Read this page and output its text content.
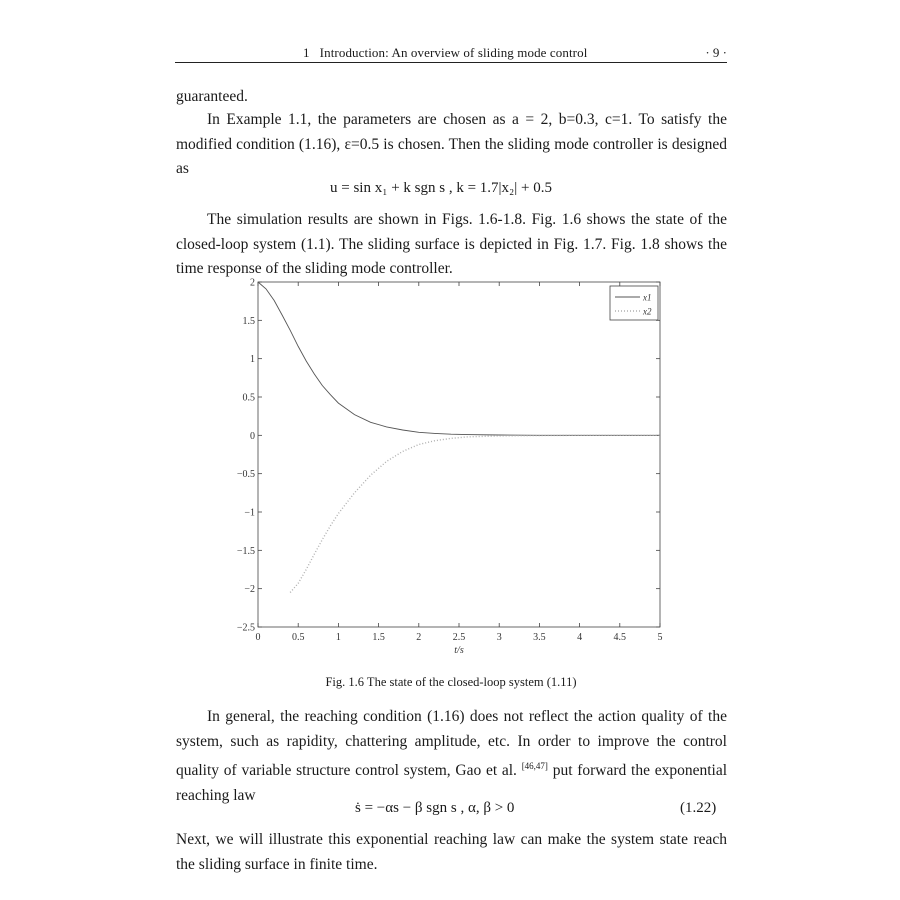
1 Introduction: An overview of sliding mode control	· 9 ·
guaranteed.
In Example 1.1, the parameters are chosen as a = 2, b=0.3, c=1. To satisfy the modified condition (1.16), ε=0.5 is chosen. Then the sliding mode controller is designed as
u = sin x₁ + k sgn s , k = 1.7|x₂| + 0.5
The simulation results are shown in Figs. 1.6-1.8. Fig. 1.6 shows the state of the closed-loop system (1.1). The sliding surface is depicted in Fig. 1.7. Fig. 1.8 shows the time response of the sliding mode controller.
0	0.5	1	1.5	2	2.5	3	3.5	4	4.5	5
2
1.5
1
0.5
0
−0.5
−1
−1.5
−2
−2.5
t/s
x1
x2
Fig. 1.6 The state of the closed-loop system (1.11)
In general, the reaching condition (1.16) does not reflect the action quality of the system, such as rapidity, chattering amplitude, etc. In order to improve the control quality of variable structure control system, Gao et al. [46,47] put forward the exponential reaching law
ṡ = −αs − β sgn s , α, β > 0	(1.22)
Next, we will illustrate this exponential reaching law can make the system state reach the sliding surface in finite time.
